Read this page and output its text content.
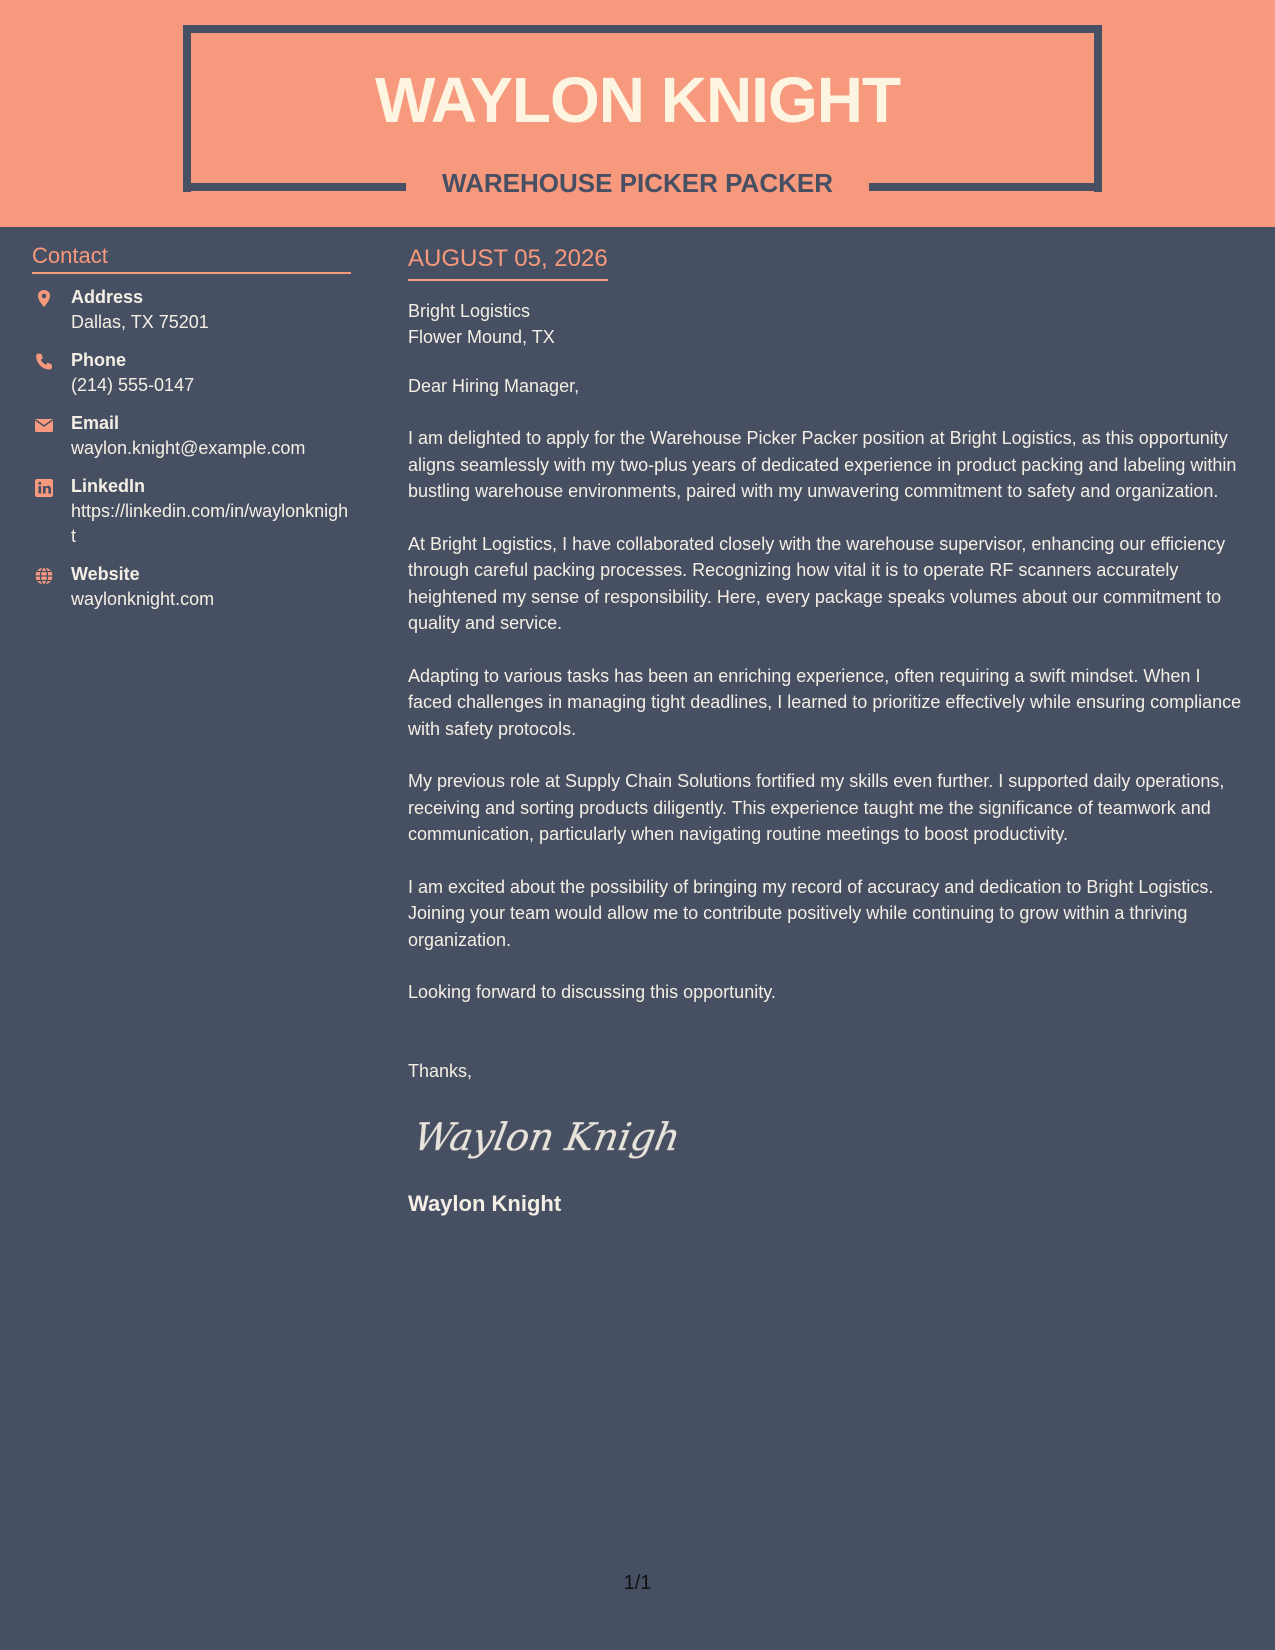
WAYLON KNIGHT
WAREHOUSE PICKER PACKER
Contact
Address
Dallas, TX 75201
Phone
(214) 555-0147
Email
waylon.knight@example.com
LinkedIn
https://linkedin.com/in/waylonknight
Website
waylonknight.com
AUGUST 05, 2026
Bright Logistics
Flower Mound, TX
Dear Hiring Manager,
I am delighted to apply for the Warehouse Picker Packer position at Bright Logistics, as this opportunity aligns seamlessly with my two-plus years of dedicated experience in product packing and labeling within bustling warehouse environments, paired with my unwavering commitment to safety and organization.
At Bright Logistics, I have collaborated closely with the warehouse supervisor, enhancing our efficiency through careful packing processes. Recognizing how vital it is to operate RF scanners accurately heightened my sense of responsibility. Here, every package speaks volumes about our commitment to quality and service.
Adapting to various tasks has been an enriching experience, often requiring a swift mindset. When I faced challenges in managing tight deadlines, I learned to prioritize effectively while ensuring compliance with safety protocols.
My previous role at Supply Chain Solutions fortified my skills even further. I supported daily operations, receiving and sorting products diligently. This experience taught me the significance of teamwork and communication, particularly when navigating routine meetings to boost productivity.
I am excited about the possibility of bringing my record of accuracy and dedication to Bright Logistics. Joining your team would allow me to contribute positively while continuing to grow within a thriving organization.
Looking forward to discussing this opportunity.
Thanks,
Waylon Knight
Waylon Knight
1/1
